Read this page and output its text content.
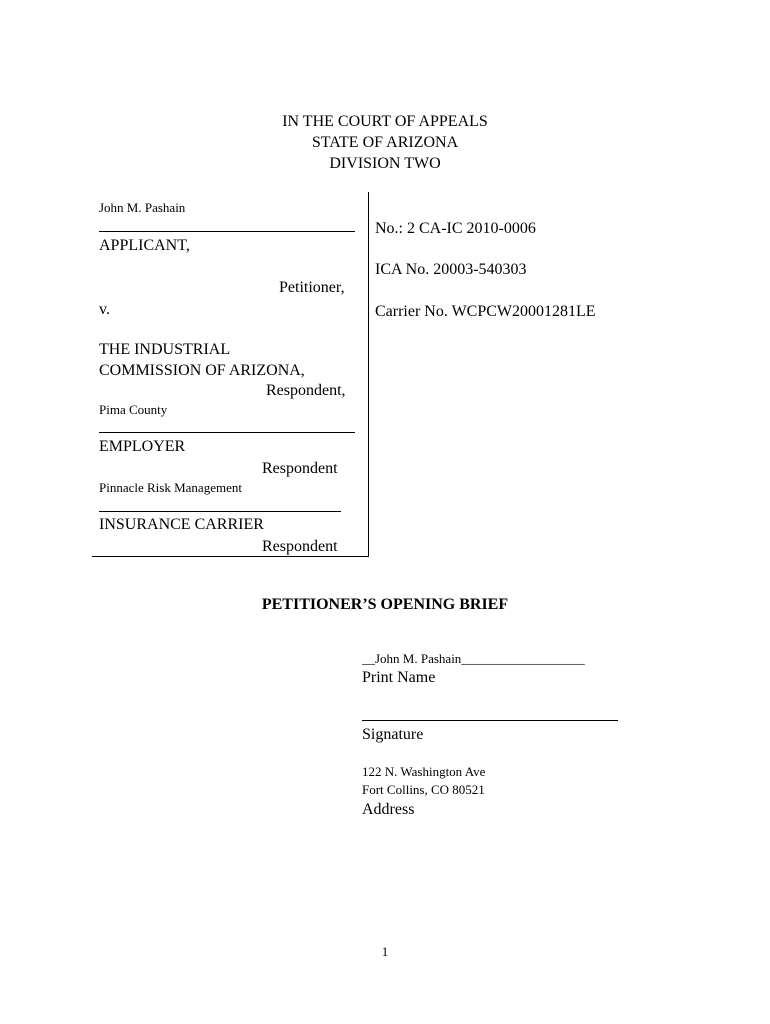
IN THE COURT OF APPEALS
STATE OF ARIZONA
DIVISION TWO
John M. Pashain
APPLICANT,
Petitioner,
v.
THE INDUSTRIAL
COMMISSION OF ARIZONA,
Respondent,
Pima County
EMPLOYER
Respondent
Pinnacle Risk Management
INSURANCE CARRIER
Respondent
No.: 2 CA-IC 2010-0006
ICA No. 20003-540303
Carrier No. WCPCW20001281LE
PETITIONER’S OPENING BRIEF
__John M. Pashain___________________
Print Name
Signature
122 N. Washington Ave
Fort Collins, CO 80521
Address
1
